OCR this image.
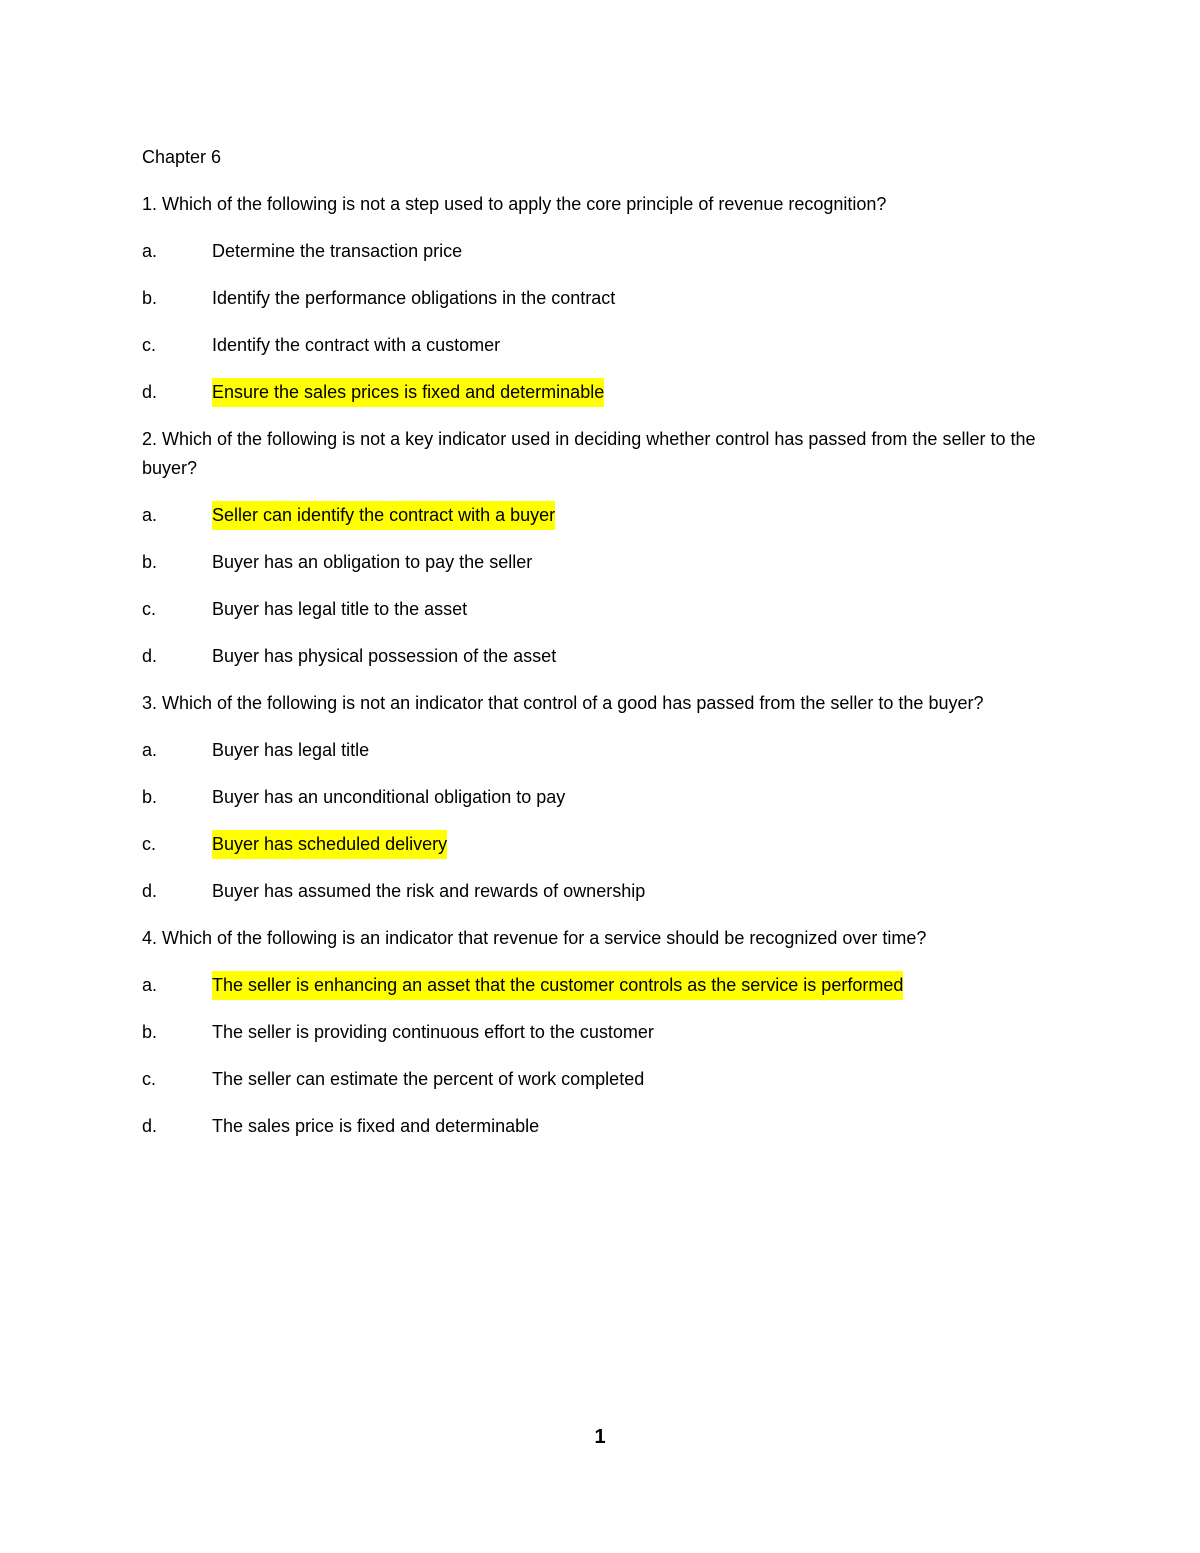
Chapter 6

1. Which of the following is not a step used to apply the core principle of revenue recognition?

a.	Determine the transaction price
b.	Identify the performance obligations in the contract
c.	Identify the contract with a customer
d.	Ensure the sales prices is fixed and determinable

2. Which of the following is not a key indicator used in deciding whether control has passed from the seller to the buyer?

a.	Seller can identify the contract with a buyer
b.	Buyer has an obligation to pay the seller
c.	Buyer has legal title to the asset
d.	Buyer has physical possession of the asset

3. Which of the following is not an indicator that control of a good has passed from the seller to the buyer?

a.	Buyer has legal title
b.	Buyer has an unconditional obligation to pay
c.	Buyer has scheduled delivery
d.	Buyer has assumed the risk and rewards of ownership

4. Which of the following is an indicator that revenue for a service should be recognized over time?

a.	The seller is enhancing an asset that the customer controls as the service is performed
b.	The seller is providing continuous effort to the customer
c.	The seller can estimate the percent of work completed
d.	The sales price is fixed and determinable
1
